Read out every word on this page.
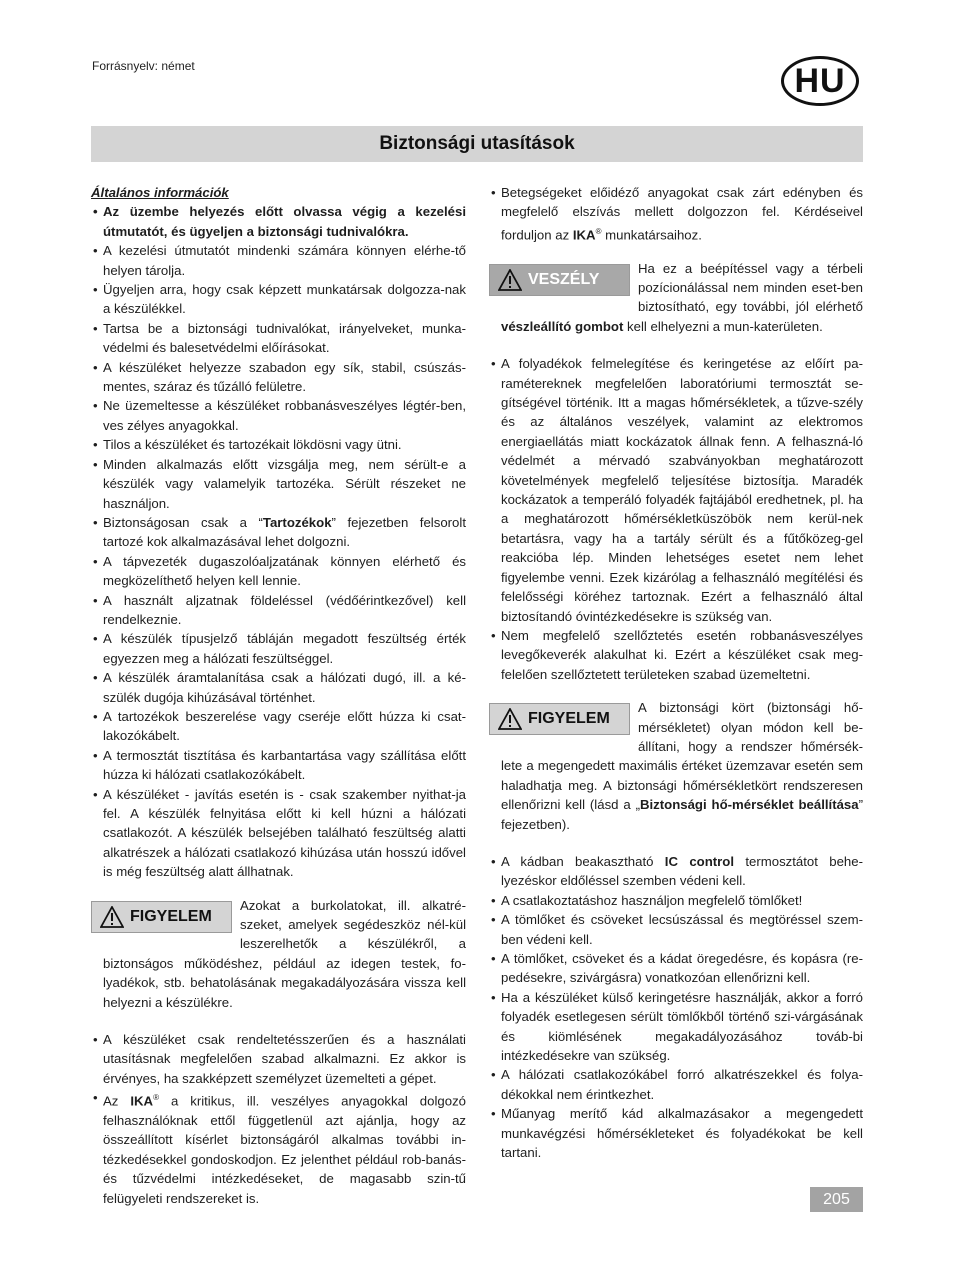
Forrásnyelv: német	HU
Biztonsági utasítások
Általános információk
• Az üzembe helyezés előtt olvassa végig a kezelési útmutatót, és ügyeljen a biztonsági tudnivalókra.
• A kezelési útmutatót mindenki számára könnyen elérhe-tő helyen tárolja.
• Ügyeljen arra, hogy csak képzett munkatársak dolgozza-nak a készülékkel.
• Tartsa be a biztonsági tudnivalókat, irányelveket, munka-védelmi és balesetvédelmi előírásokat.
• A készüléket helyezze szabadon egy sík, stabil, csúszás-mentes, száraz és tűzálló felületre.
• Ne üzemeltesse a készüléket robbanásveszélyes légtér-ben, ves zélyes anyagokkal.
• Tilos a készüléket és tartozékait lökdösni vagy ütni.
• Minden alkalmazás előtt vizsgálja meg, nem sérült-e a készülék vagy valamelyik tartozéka. Sérült részeket ne használjon.
• Biztonságosan csak a “Tartozékok” fejezetben felsorolt tartozé kok alkalmazásával lehet dolgozni.
• A tápvezeték dugaszolóaljzatának könnyen elérhető és megközelíthető helyen kell lennie.
• A használt aljzatnak földeléssel (védőérintkezővel) kell rendelkeznie.
• A készülék típusjelző tábláján megadott feszültség érték egyezzen meg a hálózati feszültséggel.
• A készülék áramtalanítása csak a hálózati dugó, ill. a ké-szülék dugója kihúzásával történhet.
• A tartozékok beszerelése vagy cseréje előtt húzza ki csat-lakozókábelt.
• A termosztát tisztítása és karbantartása vagy szállítása előtt húzza ki hálózati csatlakozókábelt.
• A készüléket - javítás esetén is - csak szakember nyithat-ja fel. A készülék felnyitása előtt ki kell húzni a hálózati csatlakozót. A készülék belsejében található feszültség alatti alkatrészek a hálózati csatlakozó kihúzása után hosszú idővel is még feszültség alatt állhatnak.
FIGYELEM

Azokat a burkolatokat, ill. alkatré-szeket, amelyek segédeszköz nél-kül leszerelhetők a készülékről, a biztonságos működéshez, például az idegen testek, fo-lyadékok, stb. behatolásának megakadályozására vissza kell helyezni a készülékre.

• A készüléket csak rendeltetésszerűen és a használati utasításnak megfelelően szabad alkalmazni. Ez akkor is érvényes, ha szakképzett személyzet üzemelteti a gépet.
• Az IKA® a kritikus, ill. veszélyes anyagokkal dolgozó felhasználóknak ettől függetlenül azt ajánlja, hogy az összeállított kísérlet biztonságáról alkalmas további in-tézkedésekkel gondoskodjon. Ez jelenthet például rob-banás- és tűzvédelmi intézkedéseket, de magasabb szin-tű felügyeleti rendszereket is.
• Betegségeket előidéző anyagokat csak zárt edényben és megfelelő elszívás mellett dolgozzon fel. Kérdéseivel forduljon az IKA® munkatársaihoz.
VESZÉLY

Ha ez a beépítéssel vagy a térbeli pozícionálással nem minden eset-ben biztosítható, egy további, jól elérhető vészleállító gombot kell elhelyezni a mun-katerületen.

• A folyadékok felmelegítése és keringetése az előírt pa-ramétereknek megfelelően laboratóriumi termosztát se-gítségével történik. Itt a magas hőmérsékletek, a tűzve-szély és az általános veszélyek, valamint az elektromos energiaellátás miatt kockázatok állnak fenn. A felhaszná-ló védelmét a mérvadó szabványokban meghatározott követelmények megfelelő teljesítése biztosítja. Maradék kockázatok a temperáló folyadék fajtájából eredhetnek, pl. ha a meghatározott hőmérsékletküszöbök nem kerül-nek betartásra, vagy ha a tartály sérült és a fűtőközeg-gel reakcióba lép. Minden lehetséges esetet nem lehet figyelembe venni. Ezek kizárólag a felhasználó megítélési és felelősségi köréhez tartoznak. Ezért a felhasználó által biztosítandó óvintézkedésekre is szükség van.
• Nem megfelelő szellőztetés esetén robbanásveszélyes levegőkeverék alakulhat ki. Ezért a készüléket csak meg-felelően szellőztetett területeken szabad üzemeltetni.
FIGYELEM

A biztonsági kört (biztonsági hő-mérsékletet) olyan módon kell be-állítani, hogy a rendszer hőmérsék-lete a megengedett maximális értéket üzemzavar esetén sem haladhatja meg. A biztonsági hőmérsékletkört rendszeresen ellenőrizni kell (lásd a „Biztonsági hő-mérséklet beállítása” fejezetben).

• A kádban beakasztható IC control termosztátot behe-lyezéskor eldőléssel szemben védeni kell.
• A csatlakoztatáshoz használjon megfelelő tömlőket!
• A tömlőket és csöveket lecsúszással és megtöréssel szem-ben védeni kell.
• A tömlőket, csöveket és a kádat öregedésre, és kopásra (re-pedésekre, szivárgásra) vonatkozóan ellenőrizni kell.
• Ha a készüléket külső keringetésre használják, akkor a forró folyadék esetlegesen sérült tömlőkből történő szi-várgásának és kiömlésének megakadályozásához továb-bi intézkedésekre van szükség.
• A hálózati csatlakozókábel forró alkatrészekkel és folya-dékokkal nem érintkezhet.
• Műanyag merítő kád alkalmazásakor a megengedett munkavégzési hőmérsékleteket és folyadékokat be kell tartani.
205
